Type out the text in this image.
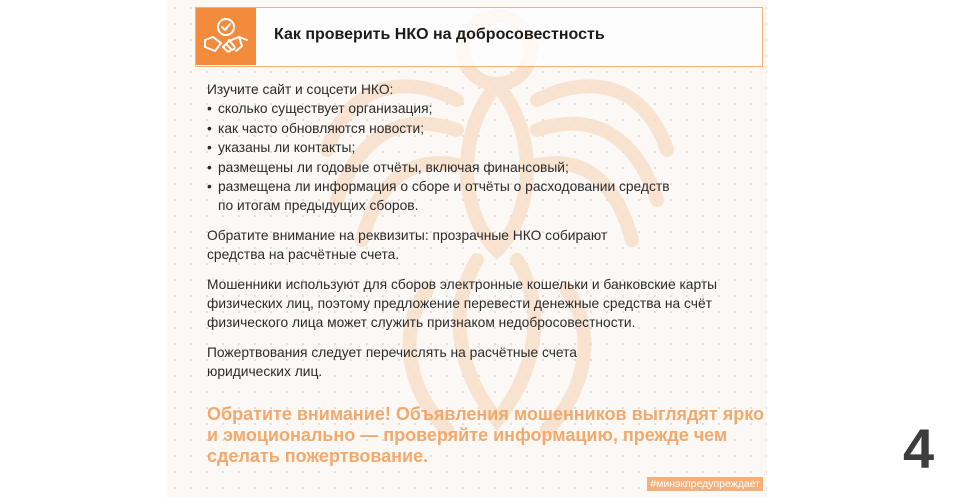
Как проверить НКО на добросовестность

Изучите сайт и соцсети НКО:

• сколько существует организация;
• как часто обновляются новости;
• указаны ли контакты;
• размещены ли годовые отчёты, включая финансовый;
• размещена ли информация о сборе и отчёты о расходовании средств по итогам предыдущих сборов.

Обратите внимание на реквизиты: прозрачные НКО собирают средства на расчётные счета.

Мошенники используют для сборов электронные кошельки и банковские карты физических лиц, поэтому предложение перевести денежные средства на счёт физического лица может служить признаком недобросовестности.

Пожертвования следует перечислять на расчётные счета юридических лиц.

Обратите внимание! Объявления мошенников выглядят ярко и эмоционально — проверяйте информацию, прежде чем сделать пожертвование.
#минэкпредупреждает
4
